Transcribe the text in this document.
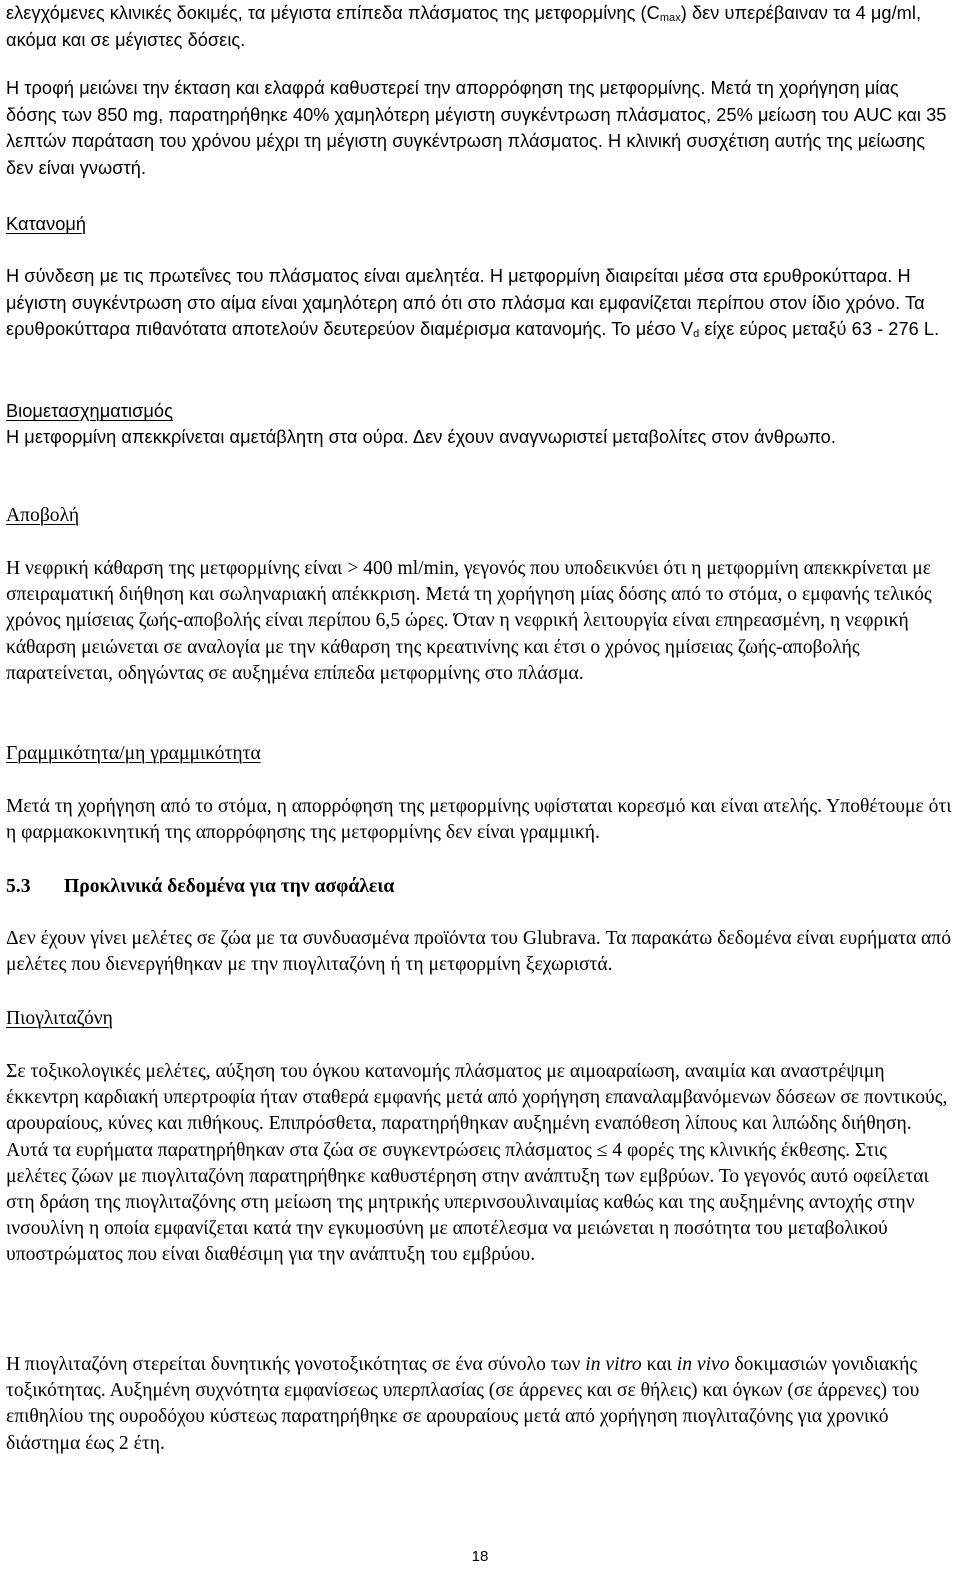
ελεγχόμενες κλινικές δοκιμές, τα μέγιστα επίπεδα πλάσματος της μετφορμίνης $(C_{max})$ δεν υπερέβαιναν τα 4 μg/ml, ακόμα και σε μέγιστες δόσεις.

Η τροφή μειώνει την έκταση και ελαφρά καθυστερεί την απορρόφηση της μετφορμίνης. Μετά τη χορήγηση μίας δόσης των 850 mg, παρατηρήθηκε 40% χαμηλότερη μέγιστη συγκέντρωση πλάσματος, 25% μείωση του AUC και 35 λεπτών παράταση του χρόνου μέχρι τη μέγιστη συγκέντρωση πλάσματος. Η κλινική συσχέτιση αυτής της μείωσης δεν είναι γνωστή.

Κατανομή

Η σύνδεση με τις πρωτεΐνες του πλάσματος είναι αμελητέα. Η μετφορμίνη διαιρείται μέσα στα ερυθροκύτταρα. Η μέγιστη συγκέντρωση στο αίμα είναι χαμηλότερη από ότι στο πλάσμα και εμφανίζεται περίπου στον ίδιο χρόνο. Τα ερυθροκύτταρα πιθανότατα αποτελούν δευτερεύον διαμέρισμα κατανομής. Το μέσο $V_d$ είχε εύρος μεταξύ 63 - 276 L.

Βιομετασχηματισμός

Η μετφορμίνη απεκκρίνεται αμετάβλητη στα ούρα. Δεν έχουν αναγνωριστεί μεταβολίτες στον άνθρωπο.

Αποβολή

Η νεφρική κάθαρση της μετφορμίνης είναι > 400 ml/min, γεγονός που υποδεικνύει ότι η μετφορμίνη απεκκρίνεται με σπειραματική διήθηση και σωληναριακή απέκκριση. Μετά τη χορήγηση μίας δόσης από το στόμα, ο εμφανής τελικός χρόνος ημίσειας ζωής-αποβολής είναι περίπου 6,5 ώρες. Όταν η νεφρική λειτουργία είναι επηρεασμένη, η νεφρική κάθαρση μειώνεται σε αναλογία με την κάθαρση της κρεατινίνης και έτσι ο χρόνος ημίσειας ζωής-αποβολής παρατείνεται, οδηγώντας σε αυξημένα επίπεδα μετφορμίνης στο πλάσμα.

Γραμμικότητα/μη γραμμικότητα

Μετά τη χορήγηση από το στόμα, η απορρόφηση της μετφορμίνης υφίσταται κορεσμό και είναι ατελής. Υποθέτουμε ότι η φαρμακοκινητική της απορρόφησης της μετφορμίνης δεν είναι γραμμική.

5.3 Προκλινικά δεδομένα για την ασφάλεια

Δεν έχουν γίνει μελέτες σε ζώα με τα συνδυασμένα προϊόντα του Glubrava. Τα παρακάτω δεδομένα είναι ευρήματα από μελέτες που διενεργήθηκαν με την πιογλιταζόνη ή τη μετφορμίνη ξεχωριστά.

Πιογλιταζόνη

Σε τοξικολογικές μελέτες, αύξηση του όγκου κατανομής πλάσματος με αιμοαραίωση, αναιμία και αναστρέψιμη έκκεντρη καρδιακή υπερτροφία ήταν σταθερά εμφανής μετά από χορήγηση επαναλαμβανόμενων δόσεων σε ποντικούς, αρουραίους, κύνες και πιθήκους. Επιπρόσθετα, παρατηρήθηκαν αυξημένη εναπόθεση λίπους και λιπώδης διήθηση. Αυτά τα ευρήματα παρατηρήθηκαν στα ζώα σε συγκεντρώσεις πλάσματος ≤ 4 φορές της κλινικής έκθεσης. Στις μελέτες ζώων με πιογλιταζόνη παρατηρήθηκε καθυστέρηση στην ανάπτυξη των εμβρύων. Το γεγονός αυτό οφείλεται στη δράση της πιογλιταζόνης στη μείωση της μητρικής υπερινσουλιναιμίας καθώς και της αυξημένης αντοχής στην ινσουλίνη η οποία εμφανίζεται κατά την εγκυμοσύνη με αποτέλεσμα να μειώνεται η ποσότητα του μεταβολικού υποστρώματος που είναι διαθέσιμη για την ανάπτυξη του εμβρύου.

Η πιογλιταζόνη στερείται δυνητικής γονοτοξικότητας σε ένα σύνολο των in vitro και in vivo δοκιμασιών γονιδιακής τοξικότητας. Αυξημένη συχνότητα εμφανίσεως υπερπλασίας (σε άρρενες και σε θήλεις) και όγκων (σε άρρενες) του επιθηλίου της ουροδόχου κύστεως παρατηρήθηκε σε αρουραίους μετά από χορήγηση πιογλιταζόνης για χρονικό διάστημα έως 2 έτη.

18
